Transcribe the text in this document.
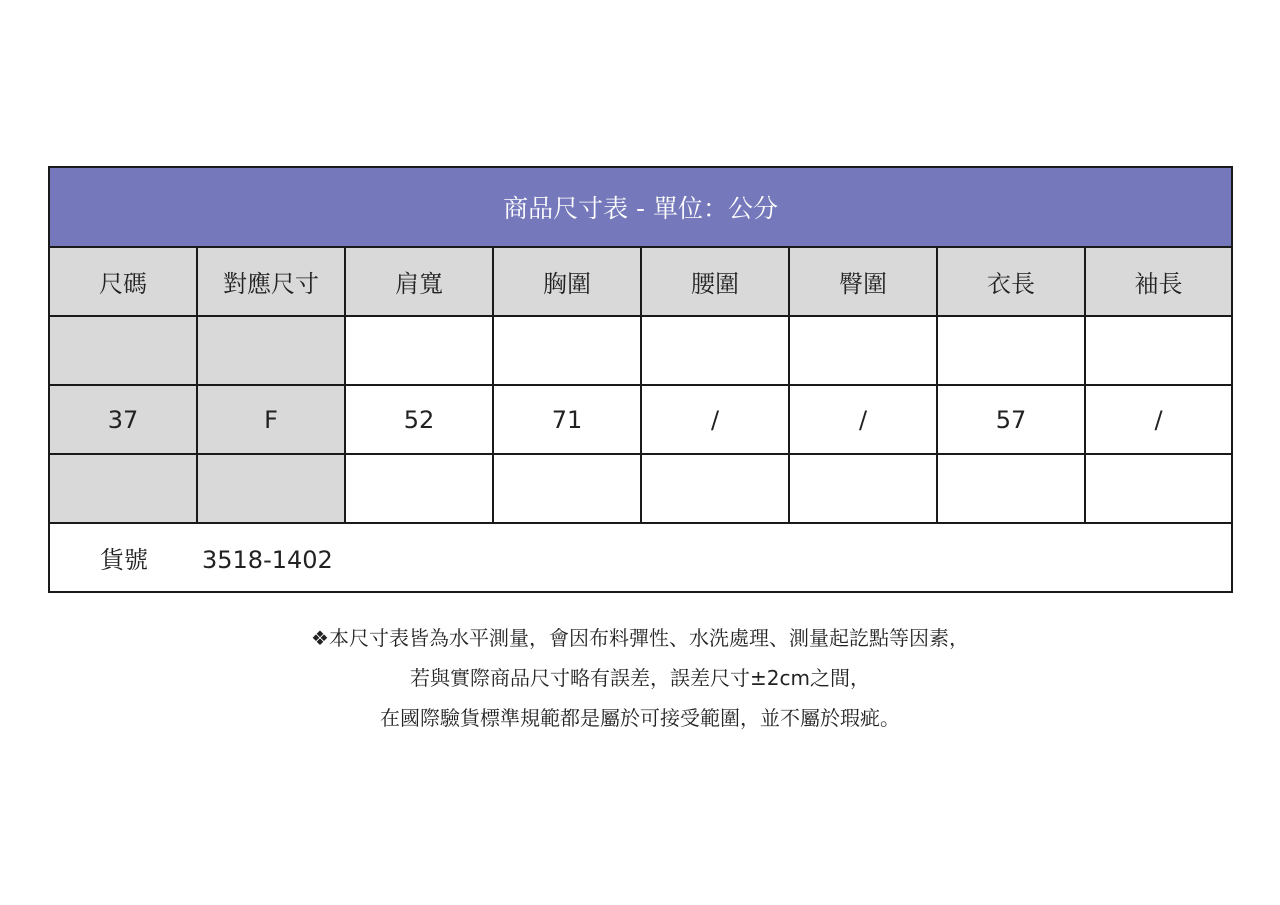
商品尺寸表 - 單位：公分							
尺碼	對應尺寸	肩寬	胸圍	腰圍	臀圍	衣長	袖長

37	F	52	71	/	/	57	/

貨號 3518-1402							

❖本尺寸表皆為水平測量，會因布料彈性、水洗處理、測量起訖點等因素，

若與實際商品尺寸略有誤差，誤差尺寸±2cm之間，

在國際驗貨標準規範都是屬於可接受範圍，並不屬於瑕疵。
